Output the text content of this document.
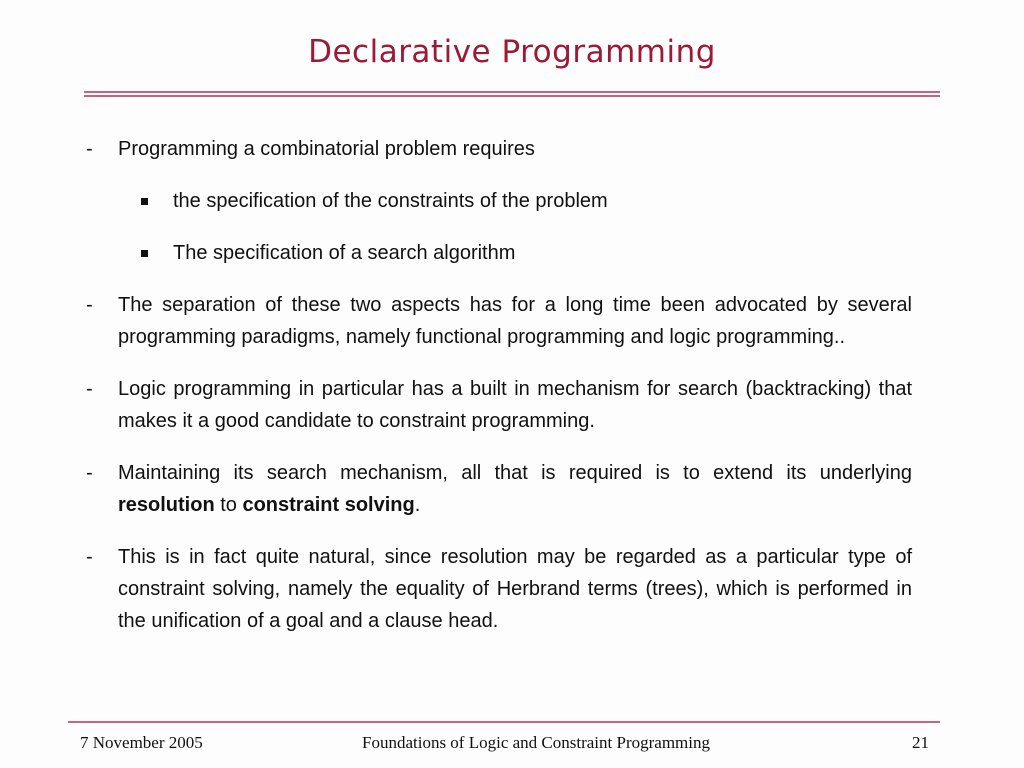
Declarative Programming
- Programming a combinatorial problem requires

the specification of the constraints of the problem
The specification of a search algorithm
- The separation of these two aspects has for a long time been advocated by several programming paradigms, namely functional programming and logic programming..

- Logic programming in particular has a built in mechanism for search (backtracking) that makes it a good candidate to constraint programming.

- Maintaining its search mechanism, all that is required is to extend its underlying resolution to constraint solving.

- This is in fact quite natural, since resolution may be regarded as a particular type of constraint solving, namely the equality of Herbrand terms (trees), which is performed in the unification of a goal and a clause head.

7 November 2005	Foundations of Logic and Constraint Programming	21
